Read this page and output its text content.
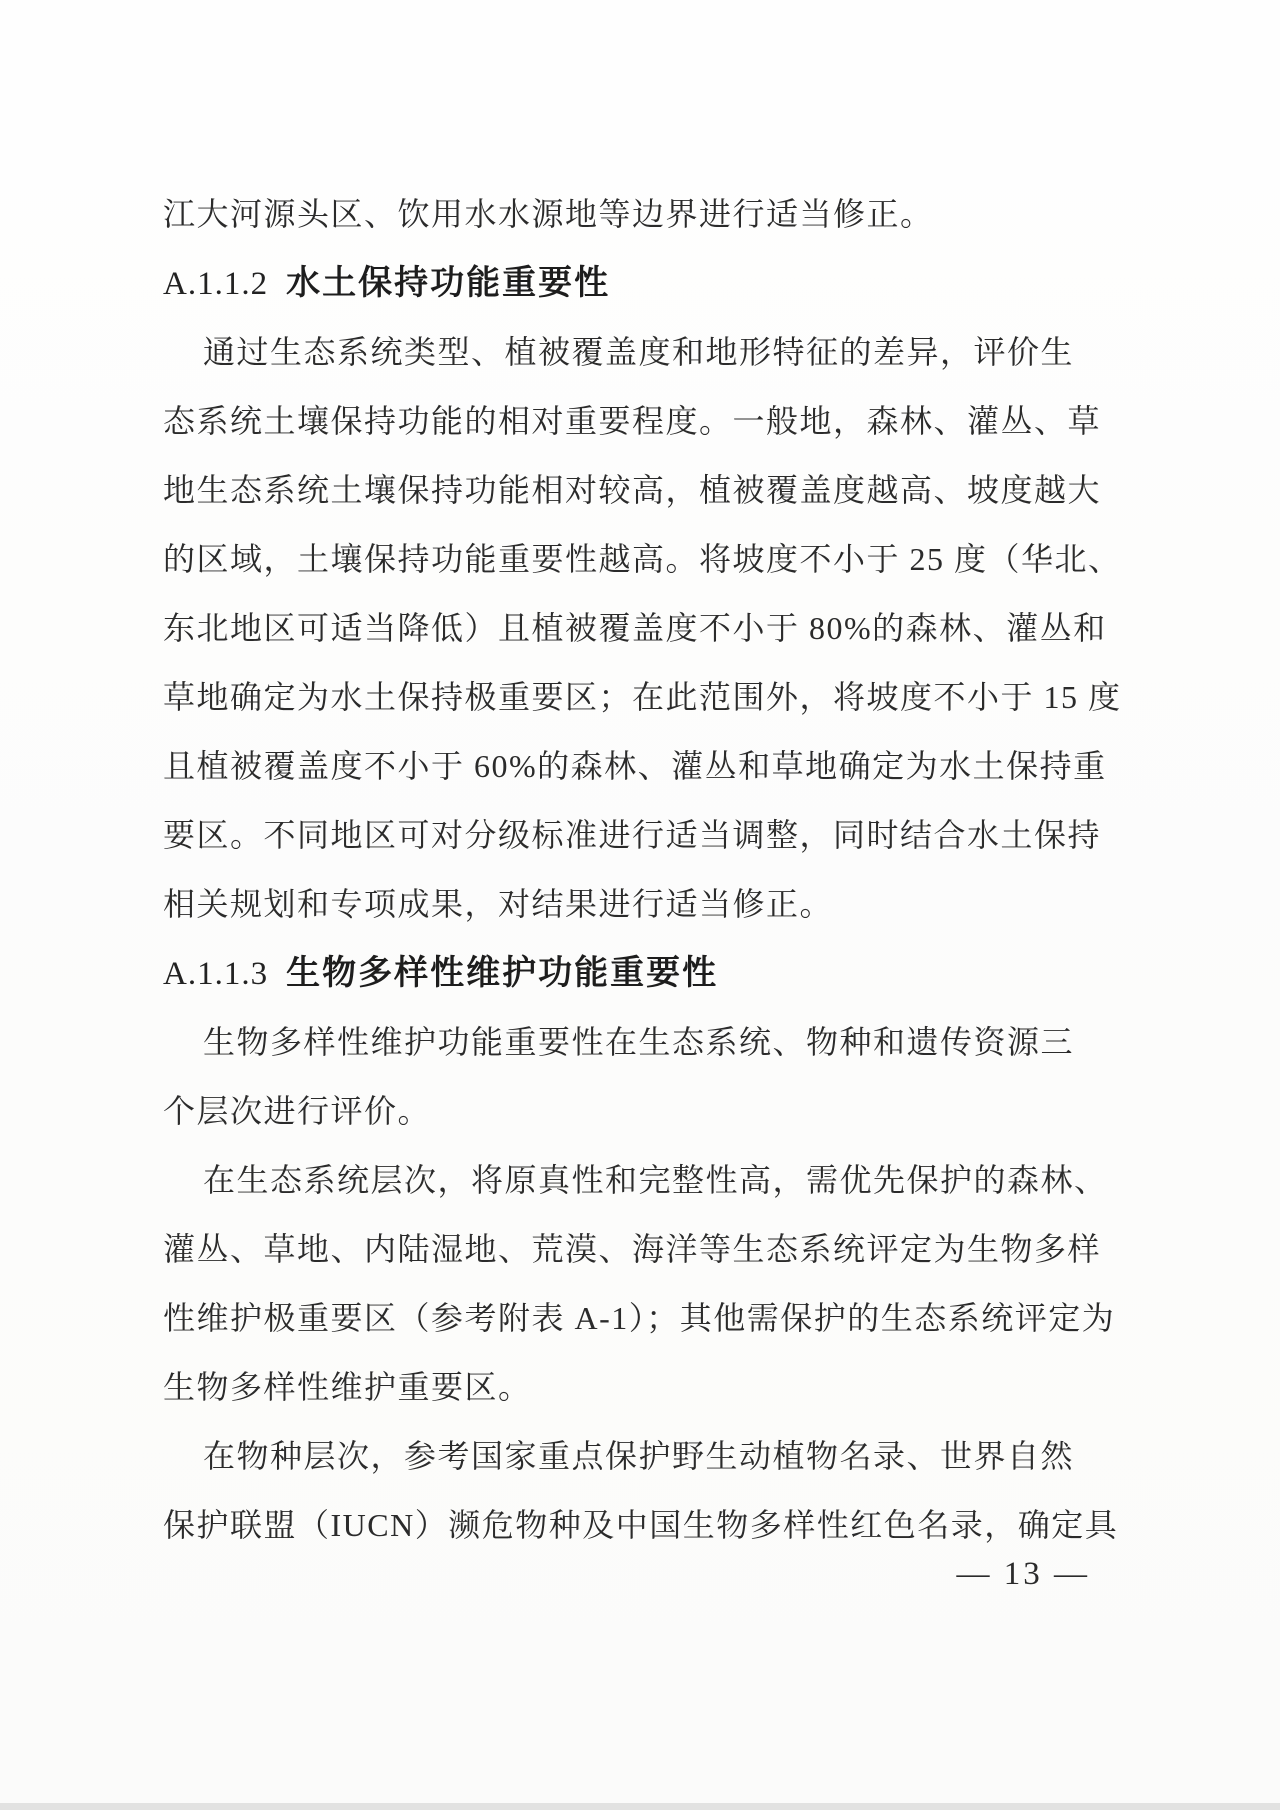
江大河源头区、饮用水水源地等边界进行适当修正。
A.1.1.2 水土保持功能重要性
通过生态系统类型、植被覆盖度和地形特征的差异，评价生
态系统土壤保持功能的相对重要程度。一般地，森林、灌丛、草
地生态系统土壤保持功能相对较高，植被覆盖度越高、坡度越大
的区域，土壤保持功能重要性越高。将坡度不小于 25 度（华北、
东北地区可适当降低）且植被覆盖度不小于 80%的森林、灌丛和
草地确定为水土保持极重要区；在此范围外，将坡度不小于 15 度
且植被覆盖度不小于 60%的森林、灌丛和草地确定为水土保持重
要区。不同地区可对分级标准进行适当调整，同时结合水土保持
相关规划和专项成果，对结果进行适当修正。
A.1.1.3 生物多样性维护功能重要性
生物多样性维护功能重要性在生态系统、物种和遗传资源三
个层次进行评价。
在生态系统层次，将原真性和完整性高，需优先保护的森林、
灌丛、草地、内陆湿地、荒漠、海洋等生态系统评定为生物多样
性维护极重要区（参考附表 A-1）；其他需保护的生态系统评定为
生物多样性维护重要区。
在物种层次，参考国家重点保护野生动植物名录、世界自然
保护联盟（IUCN）濒危物种及中国生物多样性红色名录，确定具
— 13 —
